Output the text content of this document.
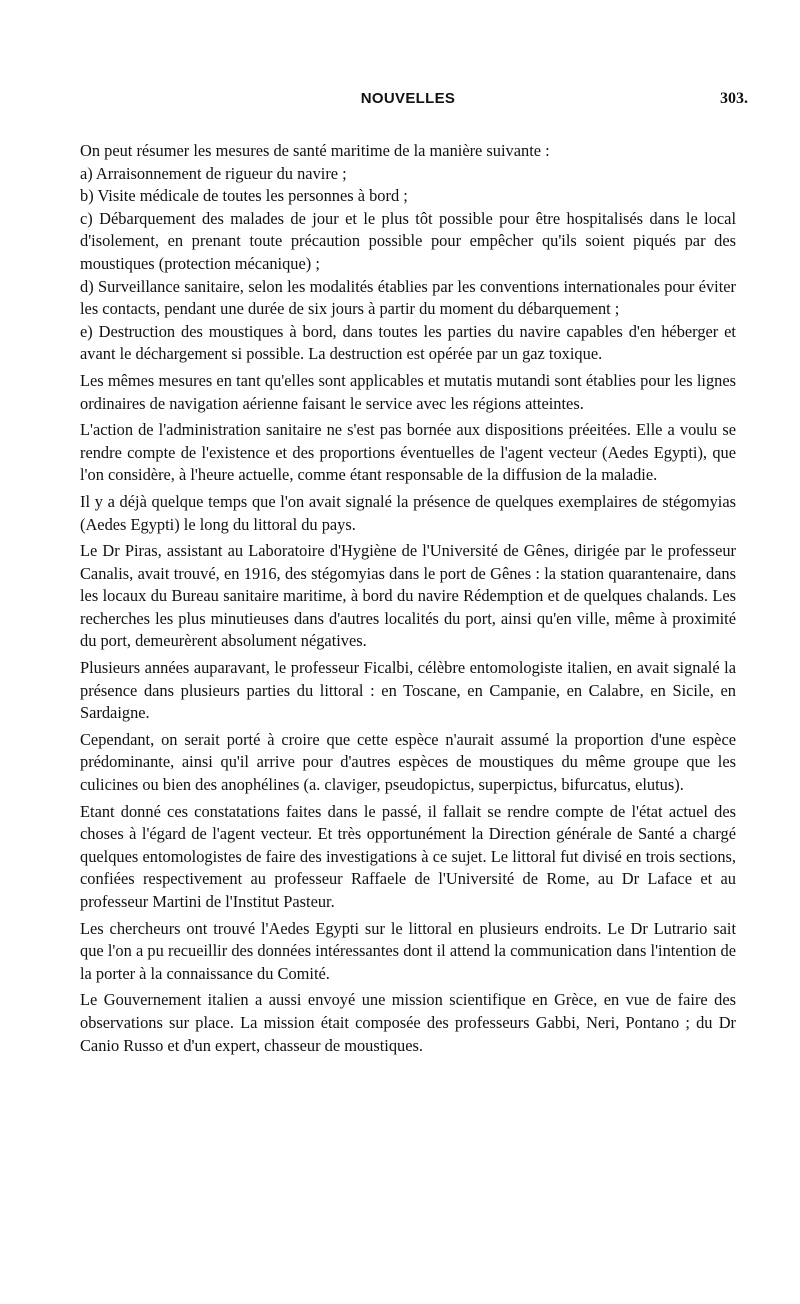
NOUVELLES	303.

On peut résumer les mesures de santé maritime de la manière suivante :

a) Arraisonnement de rigueur du navire ;

b) Visite médicale de toutes les personnes à bord ;

c) Débarquement des malades de jour et le plus tôt possible pour être hospitalisés dans le local d'isolement, en prenant toute précaution possible pour empêcher qu'ils soient piqués par des moustiques (protection mécanique) ;

d) Surveillance sanitaire, selon les modalités établies par les conventions internationales pour éviter les contacts, pendant une durée de six jours à partir du moment du débarquement ;

e) Destruction des moustiques à bord, dans toutes les parties du navire capables d'en héberger et avant le déchargement si possible. La destruction est opérée par un gaz toxique.

Les mêmes mesures en tant qu'elles sont applicables et mutatis mutandi sont établies pour les lignes ordinaires de navigation aérienne faisant le service avec les régions atteintes.

L'action de l'administration sanitaire ne s'est pas bornée aux dispositions préeitées. Elle a voulu se rendre compte de l'existence et des proportions éventuelles de l'agent vecteur (Aedes Egypti), que l'on considère, à l'heure actuelle, comme étant responsable de la diffusion de la maladie.

Il y a déjà quelque temps que l'on avait signalé la présence de quelques exemplaires de stégomyias (Aedes Egypti) le long du littoral du pays.

Le Dr Piras, assistant au Laboratoire d'Hygiène de l'Université de Gênes, dirigée par le professeur Canalis, avait trouvé, en 1916, des stégomyias dans le port de Gênes : la station quarantenaire, dans les locaux du Bureau sanitaire maritime, à bord du navire Rédemption et de quelques chalands. Les recherches les plus minutieuses dans d'autres localités du port, ainsi qu'en ville, même à proximité du port, demeurèrent absolument négatives.

Plusieurs années auparavant, le professeur Ficalbi, célèbre entomologiste italien, en avait signalé la présence dans plusieurs parties du littoral : en Toscane, en Campanie, en Calabre, en Sicile, en Sardaigne.

Cependant, on serait porté à croire que cette espèce n'aurait assumé la proportion d'une espèce prédominante, ainsi qu'il arrive pour d'autres espèces de moustiques du même groupe que les culicines ou bien des anophélines (a. claviger, pseudopictus, superpictus, bifurcatus, elutus).

Etant donné ces constatations faites dans le passé, il fallait se rendre compte de l'état actuel des choses à l'égard de l'agent vecteur. Et très opportunément la Direction générale de Santé a chargé quelques entomologistes de faire des investigations à ce sujet. Le littoral fut divisé en trois sections, confiées respectivement au professeur Raffaele de l'Université de Rome, au Dr Laface et au professeur Martini de l'Institut Pasteur.

Les chercheurs ont trouvé l'Aedes Egypti sur le littoral en plusieurs endroits. Le Dr Lutrario sait que l'on a pu recueillir des données intéressantes dont il attend la communication dans l'intention de la porter à la connaissance du Comité.

Le Gouvernement italien a aussi envoyé une mission scientifique en Grèce, en vue de faire des observations sur place. La mission était composée des professeurs Gabbi, Neri, Pontano ; du Dr Canio Russo et d'un expert, chasseur de moustiques.
